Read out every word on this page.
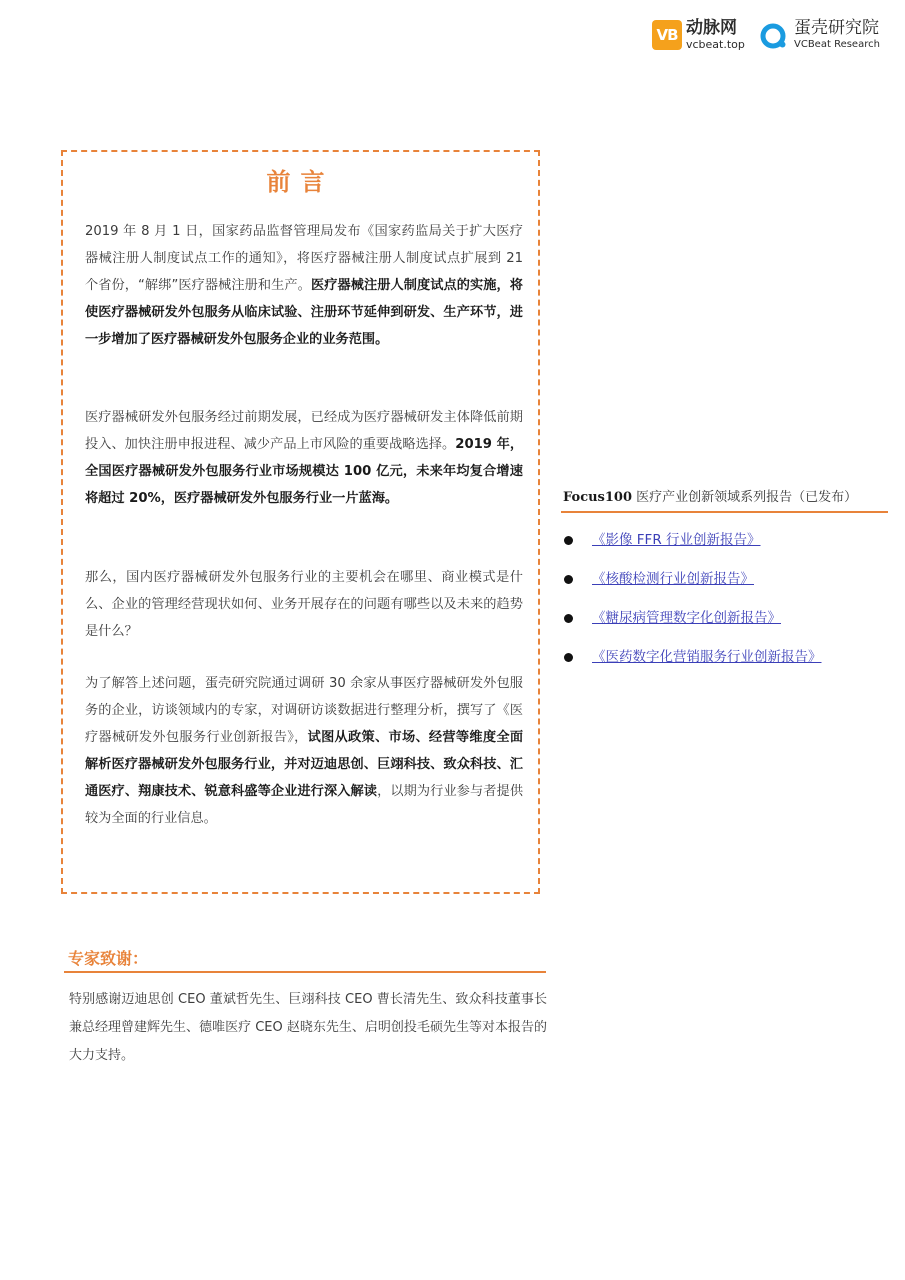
VB 动脉网
vcbeat.top
蛋壳研究院
VCBeat Research
前言
2019 年 8 月 1 日，国家药品监督管理局发布《国家药监局关于扩大医疗器械注册人制度试点工作的通知》，将医疗器械注册人制度试点扩展到 21 个省份，“解绑”医疗器械注册和生产。医疗器械注册人制度试点的实施，将使医疗器械研发外包服务从临床试验、注册环节延伸到研发、生产环节，进一步增加了医疗器械研发外包服务企业的业务范围。
医疗器械研发外包服务经过前期发展，已经成为医疗器械研发主体降低前期投入、加快注册申报进程、减少产品上市风险的重要战略选择。2019 年，全国医疗器械研发外包服务行业市场规模达 100 亿元，未来年均复合增速将超过 20%，医疗器械研发外包服务行业一片蓝海。
那么，国内医疗器械研发外包服务行业的主要机会在哪里、商业模式是什么、企业的管理经营现状如何、业务开展存在的问题有哪些以及未来的趋势是什么？
为了解答上述问题，蛋壳研究院通过调研 30 余家从事医疗器械研发外包服务的企业，访谈领域内的专家，对调研访谈数据进行整理分析，撰写了《医疗器械研发外包服务行业创新报告》，试图从政策、市场、经营等维度全面解析医疗器械研发外包服务行业，并对迈迪思创、巨翊科技、致众科技、汇通医疗、翔康技术、锐意科盛等企业进行深入解读，以期为行业参与者提供较为全面的行业信息。
专家致谢：
特别感谢迈迪思创 CEO 董斌哲先生、巨翊科技 CEO 曹长清先生、致众科技董事长兼总经理曾建辉先生、德唯医疗 CEO 赵晓东先生、启明创投毛硕先生等对本报告的大力支持。
Focus100 医疗产业创新领域系列报告（已发布）
《影像 FFR 行业创新报告》
《核酸检测行业创新报告》
《糖尿病管理数字化创新报告》
《医药数字化营销服务行业创新报告》
